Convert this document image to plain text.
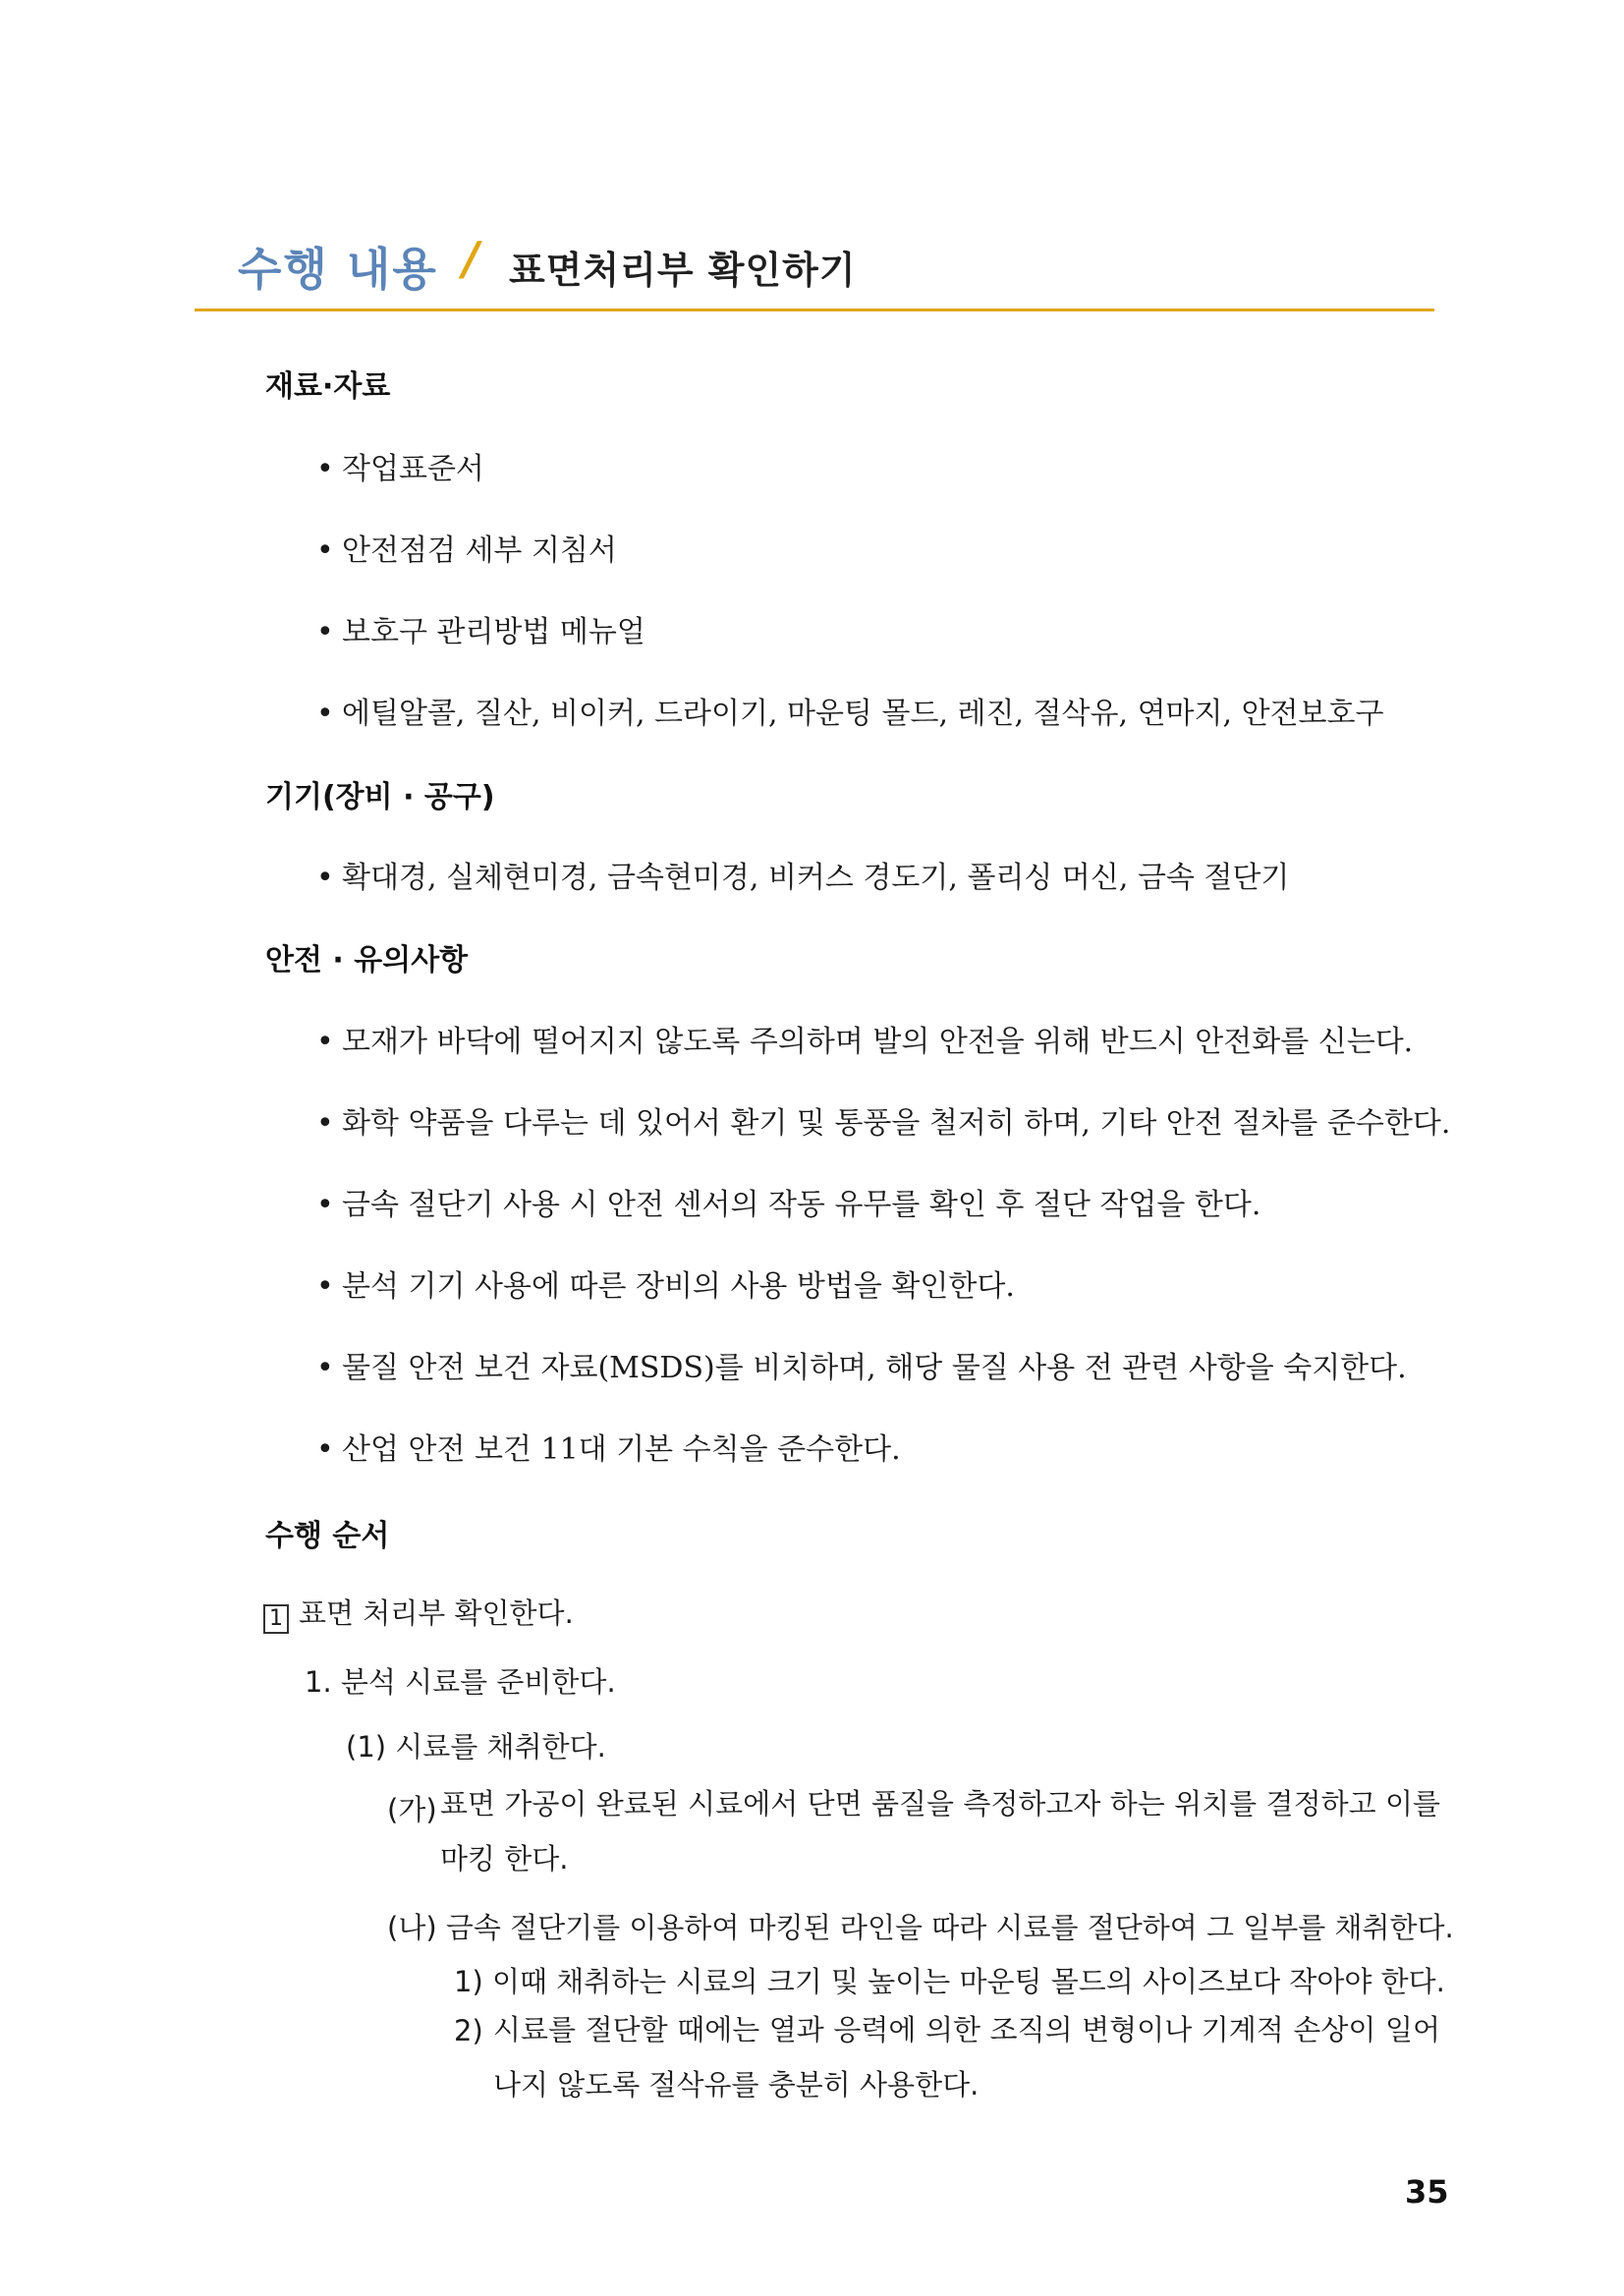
수행 내용 / 표면처리부 확인하기
재료·자료
• 작업표준서
• 안전점검 세부 지침서
• 보호구 관리방법 메뉴얼
• 에틸알콜, 질산, 비이커, 드라이기, 마운팅 몰드, 레진, 절삭유, 연마지, 안전보호구
기기(장비 · 공구)
• 확대경, 실체현미경, 금속현미경, 비커스 경도기, 폴리싱 머신, 금속 절단기
안전 · 유의사항
• 모재가 바닥에 떨어지지 않도록 주의하며 발의 안전을 위해 반드시 안전화를 신는다.
• 화학 약품을 다루는 데 있어서 환기 및 통풍을 철저히 하며, 기타 안전 절차를 준수한다.
• 금속 절단기 사용 시 안전 센서의 작동 유무를 확인 후 절단 작업을 한다.
• 분석 기기 사용에 따른 장비의 사용 방법을 확인한다.
• 물질 안전 보건 자료(MSDS)를 비치하며, 해당 물질 사용 전 관련 사항을 숙지한다.
• 산업 안전 보건 11대 기본 수칙을 준수한다.
수행 순서
1 표면 처리부 확인한다.
1. 분석 시료를 준비한다.
(1) 시료를 채취한다.
(가) 표면 가공이 완료된 시료에서 단면 품질을 측정하고자 하는 위치를 결정하고 이를 마킹 한다.
(나) 금속 절단기를 이용하여 마킹된 라인을 따라 시료를 절단하여 그 일부를 채취한다.
1) 이때 채취하는 시료의 크기 및 높이는 마운팅 몰드의 사이즈보다 작아야 한다.
2) 시료를 절단할 때에는 열과 응력에 의한 조직의 변형이나 기계적 손상이 일어나지 않도록 절삭유를 충분히 사용한다.
35
